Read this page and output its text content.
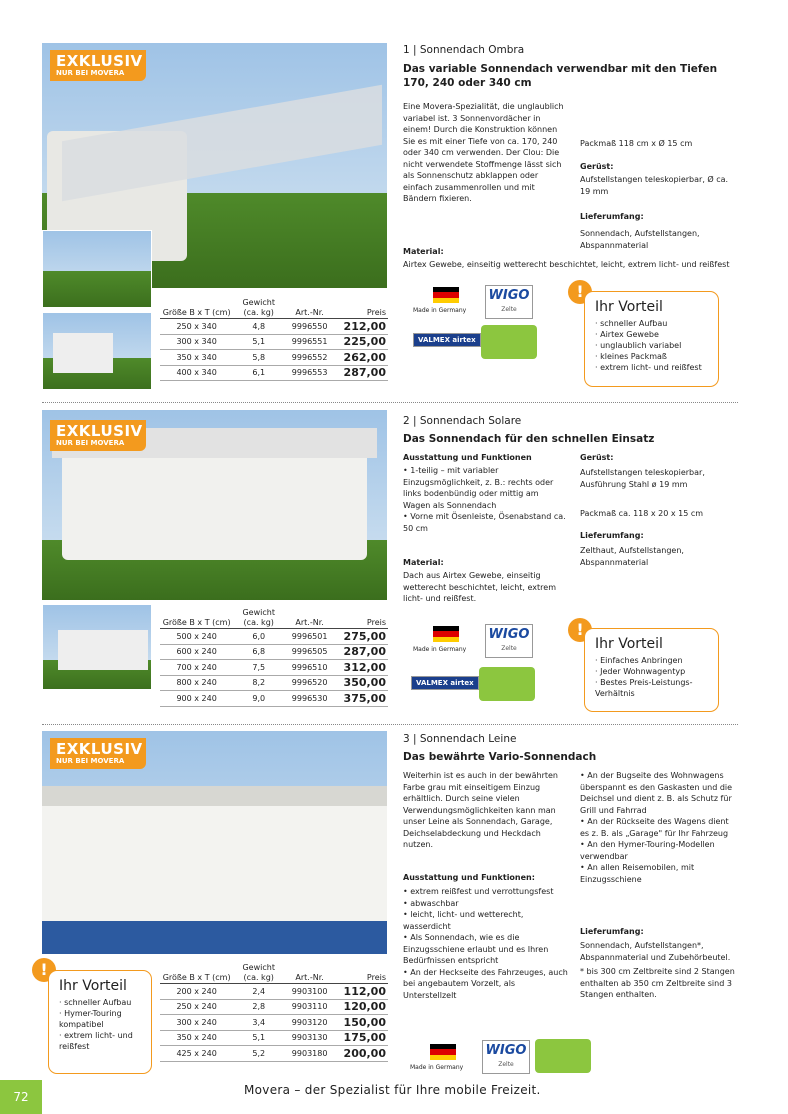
EXKLUSIV
NUR BEI MOVERA
Größe B x T (cm)	Gewicht (ca. kg)	Art.-Nr.	Preis
250 x 340	4,8	9996550	212,00
300 x 340	5,1	9996551	225,00
350 x 340	5,8	9996552	262,00
400 x 340	6,1	9996553	287,00
1 | Sonnendach Ombra
Das variable Sonnendach verwendbar mit den Tiefen 170, 240 oder 340 cm
Eine Movera-Spezialität, die unglaublich variabel ist. 3 Sonnenvordächer in einem! Durch die Konstruktion können Sie es mit einer Tiefe von ca. 170, 240 oder 340 cm verwenden. Der Clou: Die nicht verwendete Stoffmenge lässt sich als Sonnenschutz abklappen oder einfach zusammenrollen und mit Bändern fixieren.
Material:
Airtex Gewebe, einseitig wetterecht beschichtet, leicht, extrem licht- und reißfest
Packmaß 118 cm x Ø 15 cm
Gerüst:
Aufstellstangen teleskopierbar, Ø ca. 19 mm
Lieferumfang:
Sonnendach, Aufstellstangen, Abspannmaterial
Made in Germany
WIGO
Zelte
VALMEX airtex
!
Ihr Vorteil
· schneller Aufbau
· Airtex Gewebe
· unglaublich variabel
· kleines Packmaß
· extrem licht- und reißfest
EXKLUSIV
NUR BEI MOVERA
Größe B x T (cm)	Gewicht (ca. kg)	Art.-Nr.	Preis
500 x 240	6,0	9996501	275,00
600 x 240	6,8	9996505	287,00
700 x 240	7,5	9996510	312,00
800 x 240	8,2	9996520	350,00
900 x 240	9,0	9996530	375,00
2 | Sonnendach Solare
Das Sonnendach für den schnellen Einsatz
Ausstattung und Funktionen
• 1-teilig – mit variabler Einzugsmöglichkeit, z. B.: rechts oder links bodenbündig oder mittig am Wagen als Sonnendach
• Vorne mit Ösenleiste, Ösenabstand ca. 50 cm
Material:
Dach aus Airtex Gewebe, einseitig wetterecht beschichtet, leicht, extrem licht- und reißfest.
Gerüst:
Aufstellstangen teleskopierbar, Ausführung Stahl ø 19 mm
Packmaß ca. 118 x 20 x 15 cm
Lieferumfang:
Zelthaut, Aufstellstangen, Abspannmaterial
Made in Germany
WIGO
Zelte
VALMEX airtex
!
Ihr Vorteil
· Einfaches Anbringen
· Jeder Wohnwagentyp
· Bestes Preis-Leistungs-Verhältnis
EXKLUSIV
NUR BEI MOVERA
Größe B x T (cm)	Gewicht (ca. kg)	Art.-Nr.	Preis
200 x 240	2,4	9903100	112,00
250 x 240	2,8	9903110	120,00
300 x 240	3,4	9903120	150,00
350 x 240	5,1	9903130	175,00
425 x 240	5,2	9903180	200,00
!
Ihr Vorteil
· schneller Aufbau
· Hymer-Touring kompatibel
· extrem licht- und reißfest
3 | Sonnendach Leine
Das bewährte Vario-Sonnendach
Weiterhin ist es auch in der bewährten Farbe grau mit einseitigem Einzug erhältlich. Durch seine vielen Verwendungsmöglichkeiten kann man unser Leine als Sonnendach, Garage, Deichselabdeckung und Heckdach nutzen.
Ausstattung und Funktionen:
• extrem reißfest und verrottungsfest
• abwaschbar
• leicht, licht- und wetterecht, wasserdicht
• Als Sonnendach, wie es die Einzugsschiene erlaubt und es Ihren Bedürfnissen entspricht
• An der Heckseite des Fahrzeuges, auch bei angebautem Vorzelt, als Unterstellzelt
• An der Bugseite des Wohnwagens überspannt es den Gaskasten und die Deichsel und dient z. B. als Schutz für Grill und Fahrrad
• An der Rückseite des Wagens dient es z. B. als „Garage" für Ihr Fahrzeug
• An den Hymer-Touring-Modellen verwendbar
• An allen Reisemobilen, mit Einzugsschiene
Lieferumfang:
Sonnendach, Aufstellstangen*, Abspannmaterial und Zubehörbeutel.
* bis 300 cm Zeltbreite sind 2 Stangen enthalten ab 350 cm Zeltbreite sind 3 Stangen enthalten.
Made in Germany
WIGO
Zelte
72	Movera – der Spezialist für Ihre mobile Freizeit.
